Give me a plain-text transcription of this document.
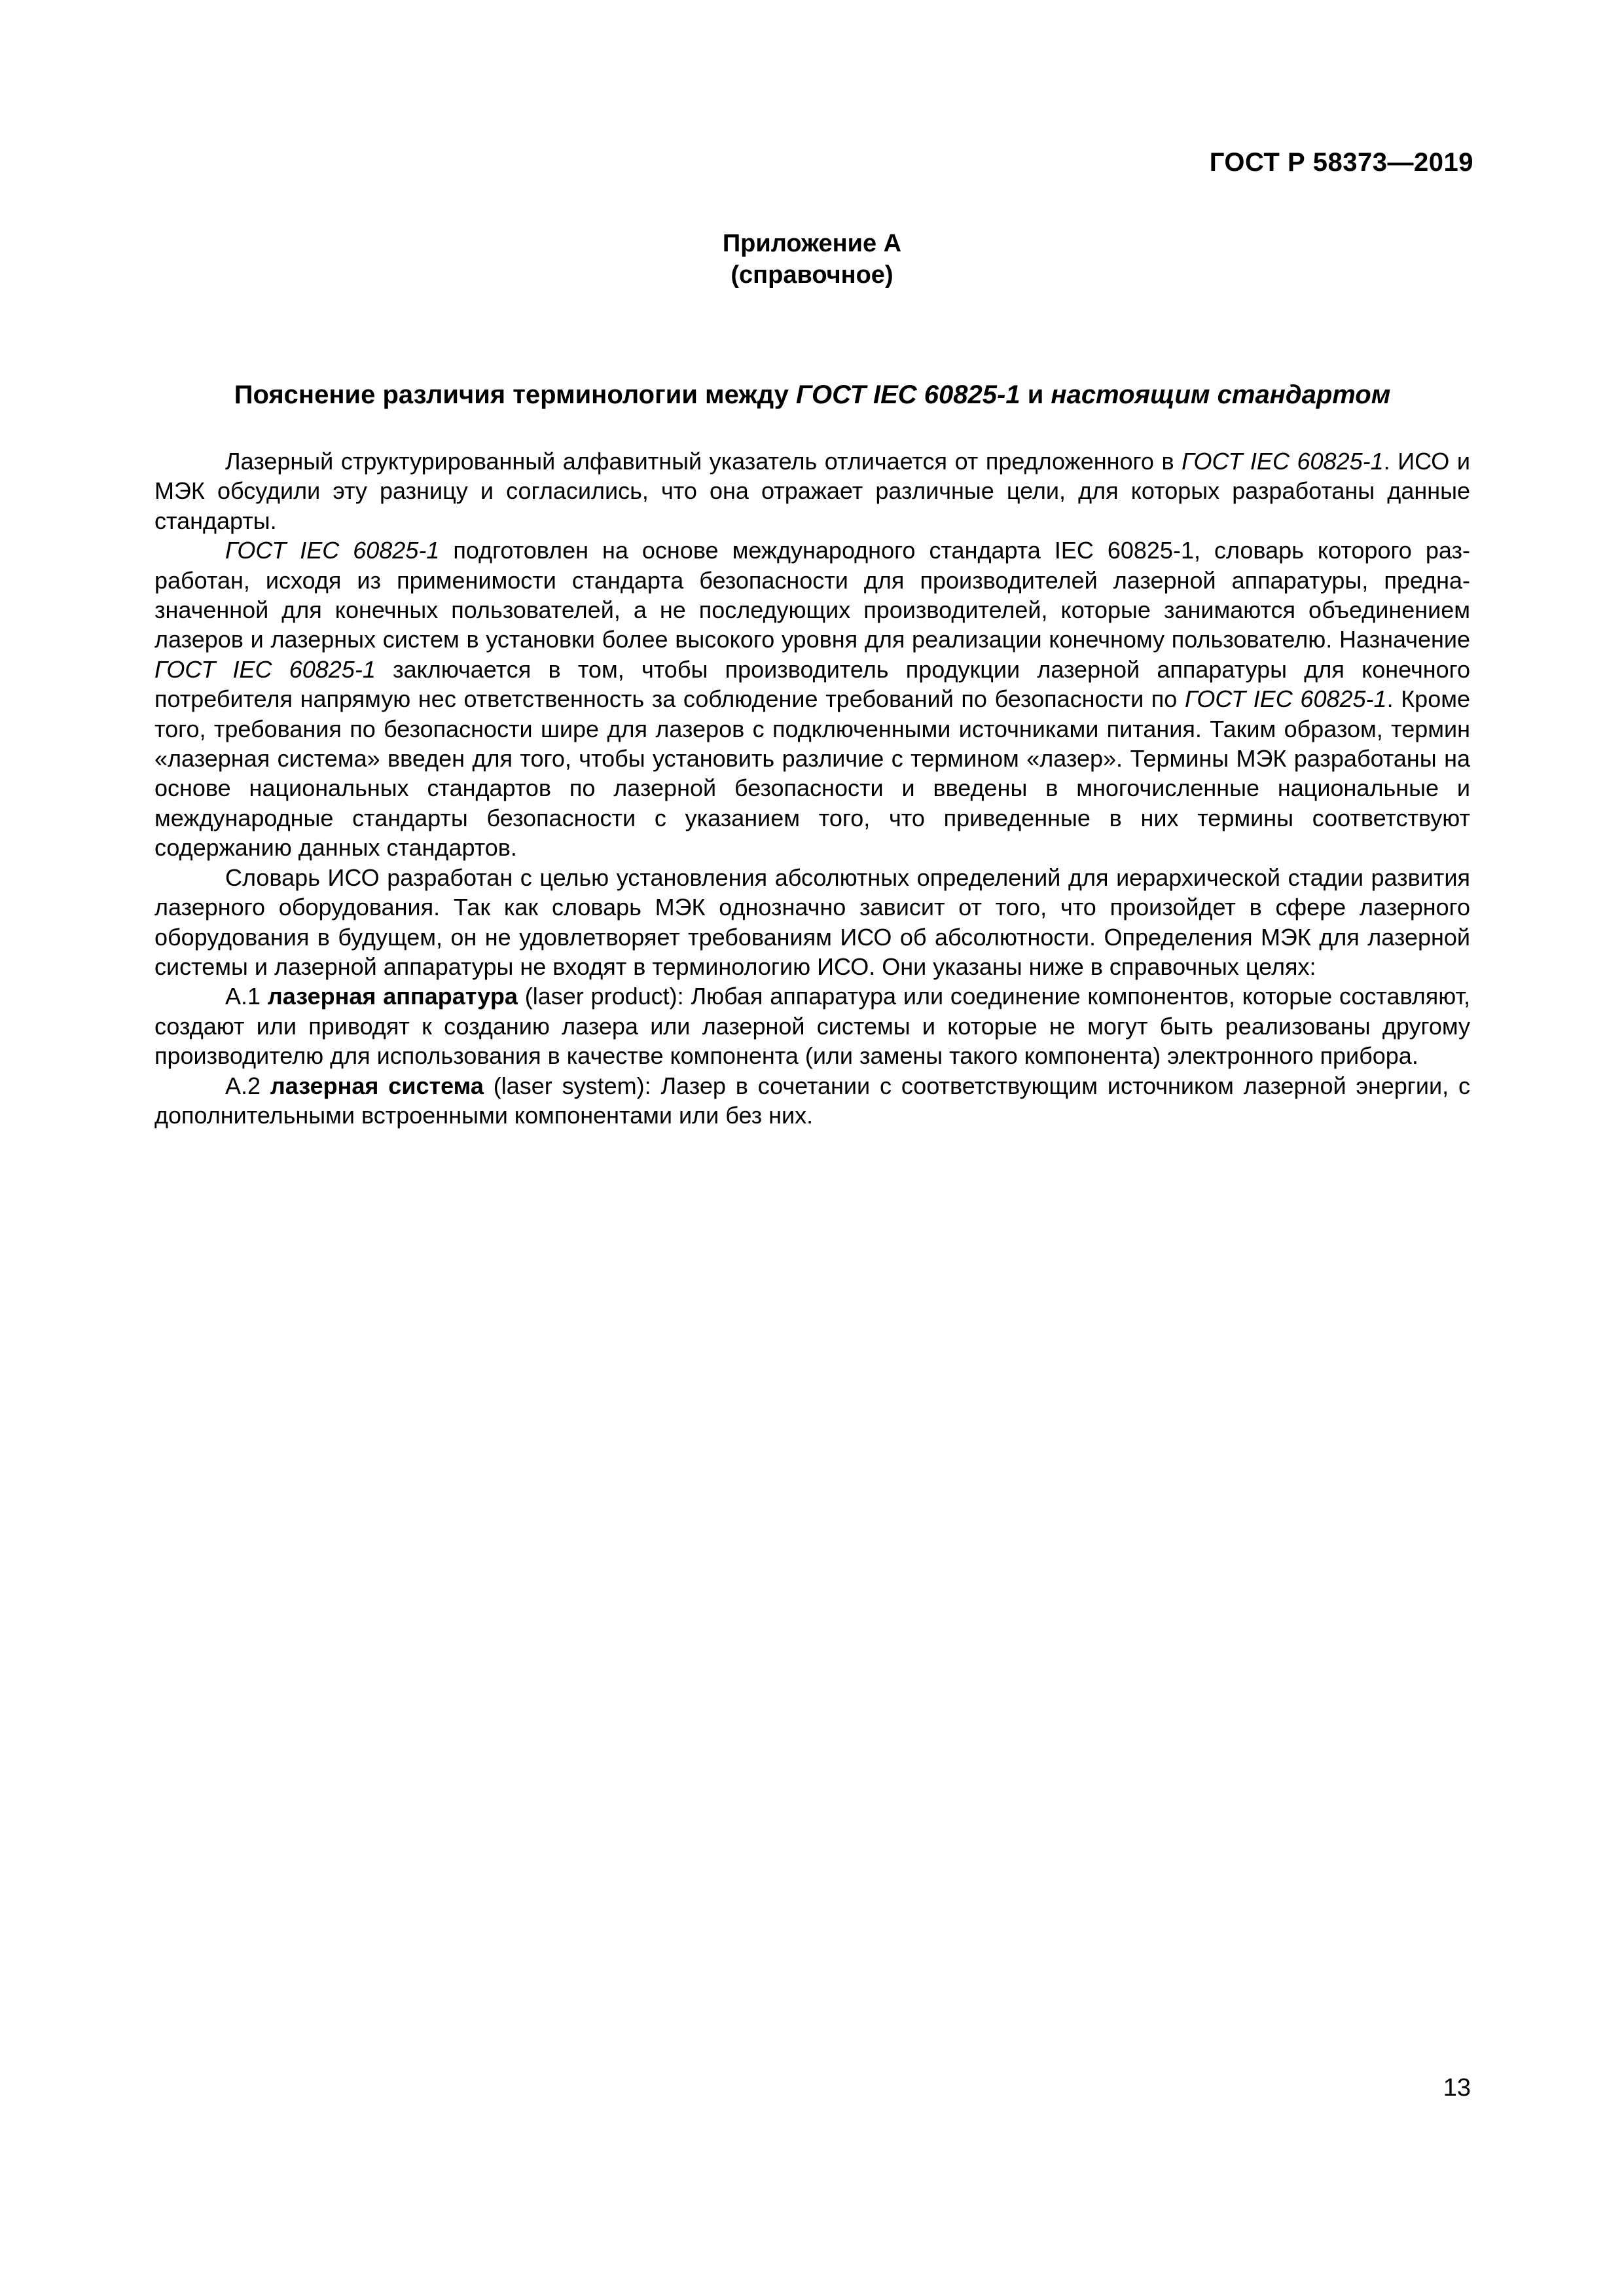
ГОСТ Р 58373—2019
Приложение А
(справочное)
Пояснение различия терминологии между ГОСТ IEC 60825-1 и настоящим стандартом

Лазерный структурированный алфавитный указатель отличается от предложенного в ГОСТ IEC 60825-1. ИСО и МЭК обсудили эту разницу и согласились, что она отражает различные цели, для которых разработаны данные стандарты.

ГОСТ IEC 60825-1 подготовлен на основе международного стандарта IEC 60825-1, словарь которого разработан, исходя из применимости стандарта безопасности для производителей лазерной аппаратуры, предназначенной для конечных пользователей, а не последующих производителей, которые занимаются объединением лазеров и лазерных систем в установки более высокого уровня для реализации конечному пользователю. Назначение ГОСТ IEC 60825-1 заключается в том, чтобы производитель продукции лазерной аппаратуры для конечного потребителя напрямую нес ответственность за соблюдение требований по безопасности по ГОСТ IEC 60825-1. Кроме того, требования по безопасности шире для лазеров с подключенными источниками питания. Таким образом, термин «лазерная система» введен для того, чтобы установить различие с термином «лазер». Термины МЭК разработаны на основе национальных стандартов по лазерной безопасности и введены в многочисленные национальные и международные стандарты безопасности с указанием того, что приведенные в них термины соответствуют содержанию данных стандартов.

Словарь ИСО разработан с целью установления абсолютных определений для иерархической стадии развития лазерного оборудования. Так как словарь МЭК однозначно зависит от того, что произойдет в сфере лазерного оборудования в будущем, он не удовлетворяет требованиям ИСО об абсолютности. Определения МЭК для лазерной системы и лазерной аппаратуры не входят в терминологию ИСО. Они указаны ниже в справочных целях:

А.1 лазерная аппаратура (laser product): Любая аппаратура или соединение компонентов, которые составляют, создают или приводят к созданию лазера или лазерной системы и которые не могут быть реализованы другому производителю для использования в качестве компонента (или замены такого компонента) электронного прибора.

А.2 лазерная система (laser system): Лазер в сочетании с соответствующим источником лазерной энергии, с дополнительными встроенными компонентами или без них.

13
